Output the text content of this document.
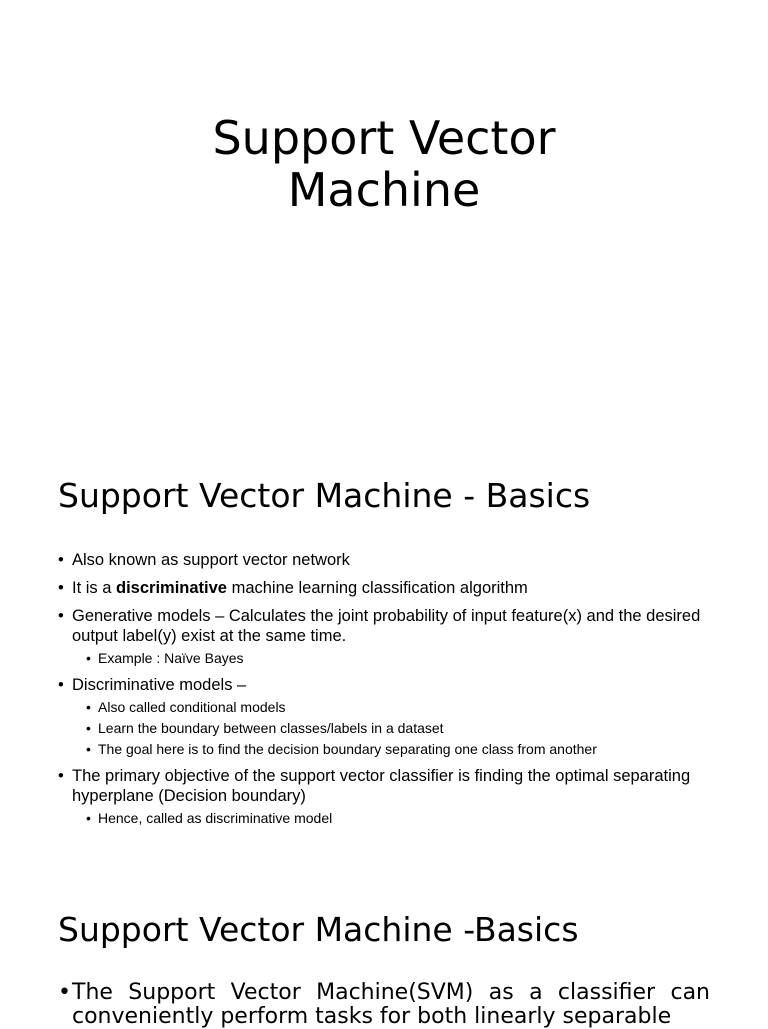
Support Vector
Machine
Support Vector Machine - Basics
• Also known as support vector network
• It is a discriminative machine learning classification algorithm
• Generative models – Calculates the joint probability of input feature(x) and the desired output label(y) exist at the same time.
• Example : Naïve Bayes
• Discriminative models –
• Also called conditional models
• Learn the boundary between classes/labels in a dataset
• The goal here is to find the decision boundary separating one class from another
• The primary objective of the support vector classifier is finding the optimal separating hyperplane (Decision boundary)
• Hence, called as discriminative model
Support Vector Machine -Basics
• The Support Vector Machine(SVM) as a classifier can conveniently perform tasks for both linearly separable
